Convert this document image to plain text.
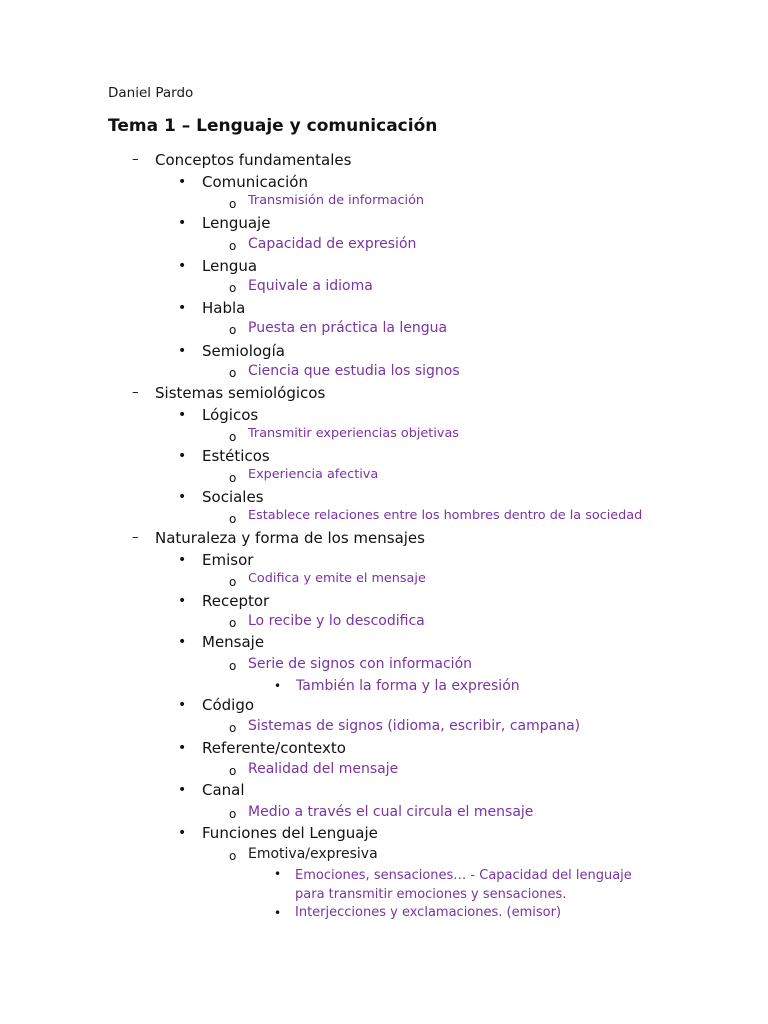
Daniel Pardo
Tema 1 – Lenguaje y comunicación
– Conceptos fundamentales
• Comunicación
o Transmisión de información
• Lenguaje
o Capacidad de expresión
• Lengua
o Equivale a idioma
• Habla
o Puesta en práctica la lengua
• Semiología
o Ciencia que estudia los signos
– Sistemas semiológicos
• Lógicos
o Transmitir experiencias objetivas
• Estéticos
o Experiencia afectiva
• Sociales
o Establece relaciones entre los hombres dentro de la sociedad
– Naturaleza y forma de los mensajes
• Emisor
o Codifica y emite el mensaje
• Receptor
o Lo recibe y lo descodifica
• Mensaje
o Serie de signos con información
• También la forma y la expresión
• Código
o Sistemas de signos (idioma, escribir, campana)
• Referente/contexto
o Realidad del mensaje
• Canal
o Medio a través el cual circula el mensaje
• Funciones del Lenguaje
o Emotiva/expresiva
• Emociones, sensaciones… - Capacidad del lenguaje para transmitir emociones y sensaciones.
• Interjecciones y exclamaciones. (emisor)
